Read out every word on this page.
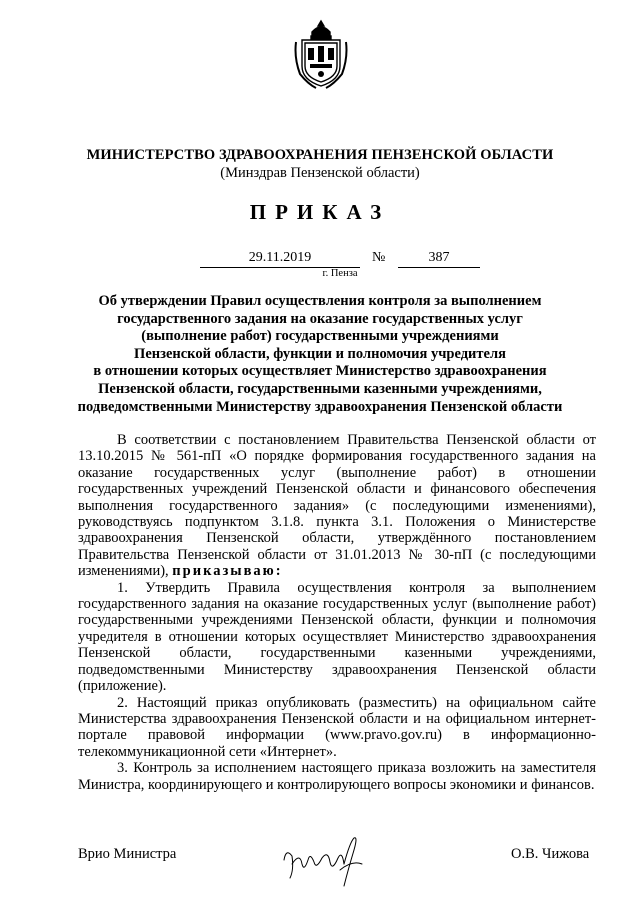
МИНИСТЕРСТВО ЗДРАВООХРАНЕНИЯ ПЕНЗЕНСКОЙ ОБЛАСТИ
(Минздрав Пензенской области)
ПРИКАЗ
29.11.2019	№	387
г. Пенза
Об утверждении Правил осуществления контроля за выполнением
государственного задания на оказание государственных услуг
(выполнение работ) государственными учреждениями
Пензенской области, функции и полномочия учредителя
в отношении которых осуществляет Министерство здравоохранения
Пензенской области, государственными казенными учреждениями,
подведомственными Министерству здравоохранения Пензенской области

В соответствии с постановлением Правительства Пензенской области от 13.10.2015 № 561-пП «О порядке формирования государственного задания на оказание государственных услуг (выполнение работ) в отношении государственных учреждений Пензенской области и финансового обеспечения выполнения государственного задания» (с последующими изменениями), руководствуясь подпунктом 3.1.8. пункта 3.1. Положения о Министерстве здравоохранения Пензенской области, утверждённого постановлением Правительства Пензенской области от 31.01.2013 № 30-пП (с последующими изменениями), приказываю:

1. Утвердить Правила осуществления контроля за выполнением государственного задания на оказание государственных услуг (выполнение работ) государственными учреждениями Пензенской области, функции и полномочия учредителя в отношении которых осуществляет Министерство здравоохранения Пензенской области, государственными казенными учреждениями, подведомственными Министерству здравоохранения Пензенской области (приложение).

2. Настоящий приказ опубликовать (разместить) на официальном сайте Министерства здравоохранения Пензенской области и на официальном интернет-портале правовой информации (www.pravo.gov.ru) в информационно-телекоммуникационной сети «Интернет».

3. Контроль за исполнением настоящего приказа возложить на заместителя Министра, координирующего и контролирующего вопросы экономики и финансов.

Врио Министра	О.В. Чижова
